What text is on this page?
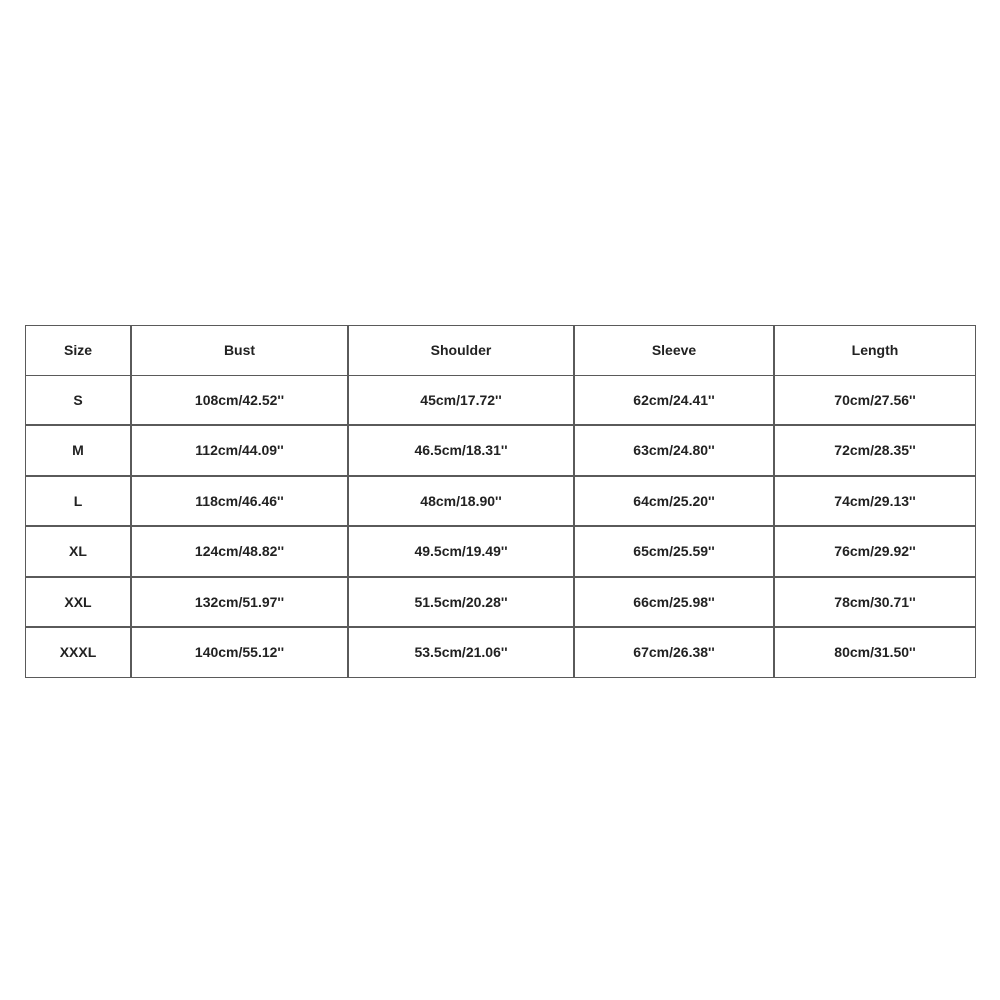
Size	Bust	Shoulder	Sleeve	Length
S	108cm/42.52''	45cm/17.72''	62cm/24.41''	70cm/27.56''
M	112cm/44.09''	46.5cm/18.31''	63cm/24.80''	72cm/28.35''
L	118cm/46.46''	48cm/18.90''	64cm/25.20''	74cm/29.13''
XL	124cm/48.82''	49.5cm/19.49''	65cm/25.59''	76cm/29.92''
XXL	132cm/51.97''	51.5cm/20.28''	66cm/25.98''	78cm/30.71''
XXXL	140cm/55.12''	53.5cm/21.06''	67cm/26.38''	80cm/31.50''
